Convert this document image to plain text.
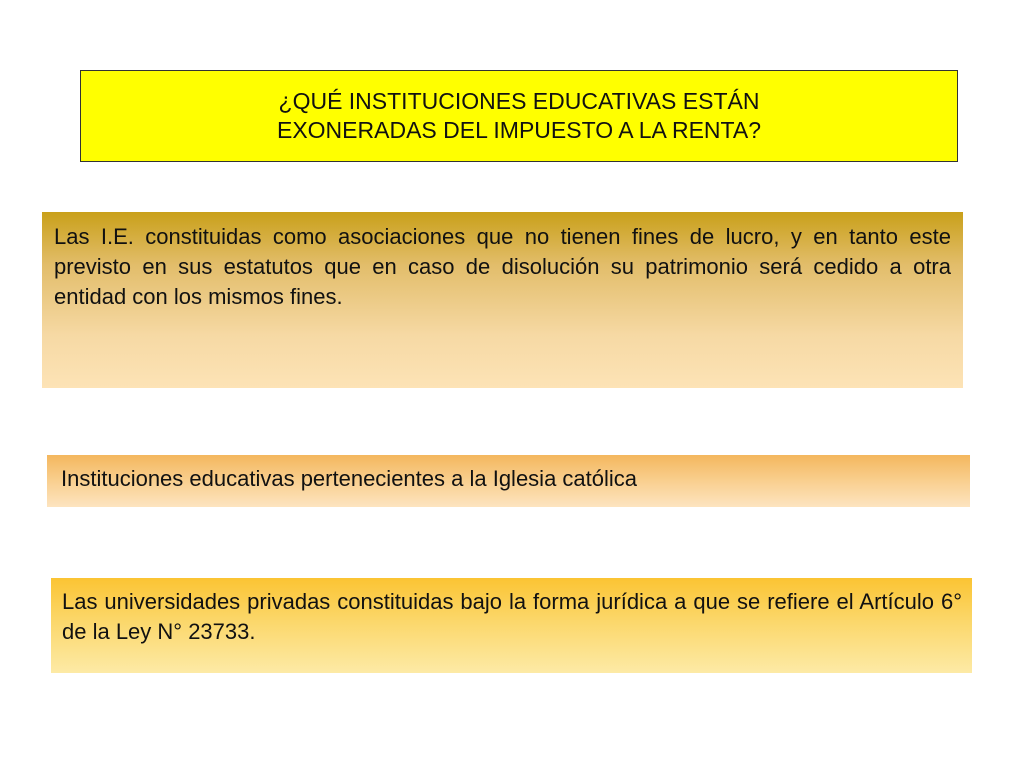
¿QUÉ INSTITUCIONES EDUCATIVAS ESTÁN
EXONERADAS DEL IMPUESTO A LA RENTA?

Las I.E. constituidas como asociaciones que no tienen fines de lucro, y en tanto este previsto en sus estatutos que en caso de disolución su patrimonio será cedido a otra entidad con los mismos fines.

Instituciones educativas pertenecientes a la Iglesia católica

Las universidades privadas constituidas bajo la forma jurídica a que se refiere el Artículo 6° de la Ley N° 23733.
